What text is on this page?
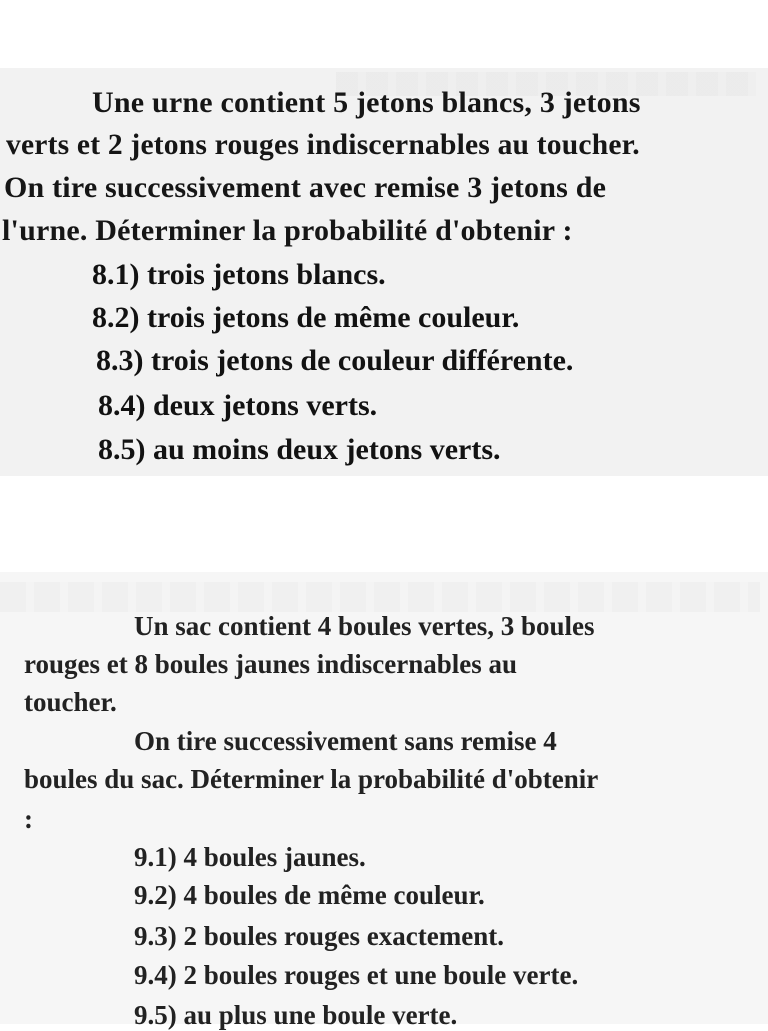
Une urne contient 5 jetons blancs, 3 jetons
verts et 2 jetons rouges indiscernables au toucher.
On tire successivement avec remise 3 jetons de
l'urne. Déterminer la probabilité d'obtenir :
8.1) trois jetons blancs.
8.2) trois jetons de même couleur.
8.3) trois jetons de couleur différente.
8.4) deux jetons verts.
8.5) au moins deux jetons verts.
Un sac contient 4 boules vertes, 3 boules
rouges et 8 boules jaunes indiscernables au
toucher.
On tire successivement sans remise 4
boules du sac. Déterminer la probabilité d'obtenir
:
9.1) 4 boules jaunes.
9.2) 4 boules de même couleur.
9.3) 2 boules rouges exactement.
9.4) 2 boules rouges et une boule verte.
9.5) au plus une boule verte.
